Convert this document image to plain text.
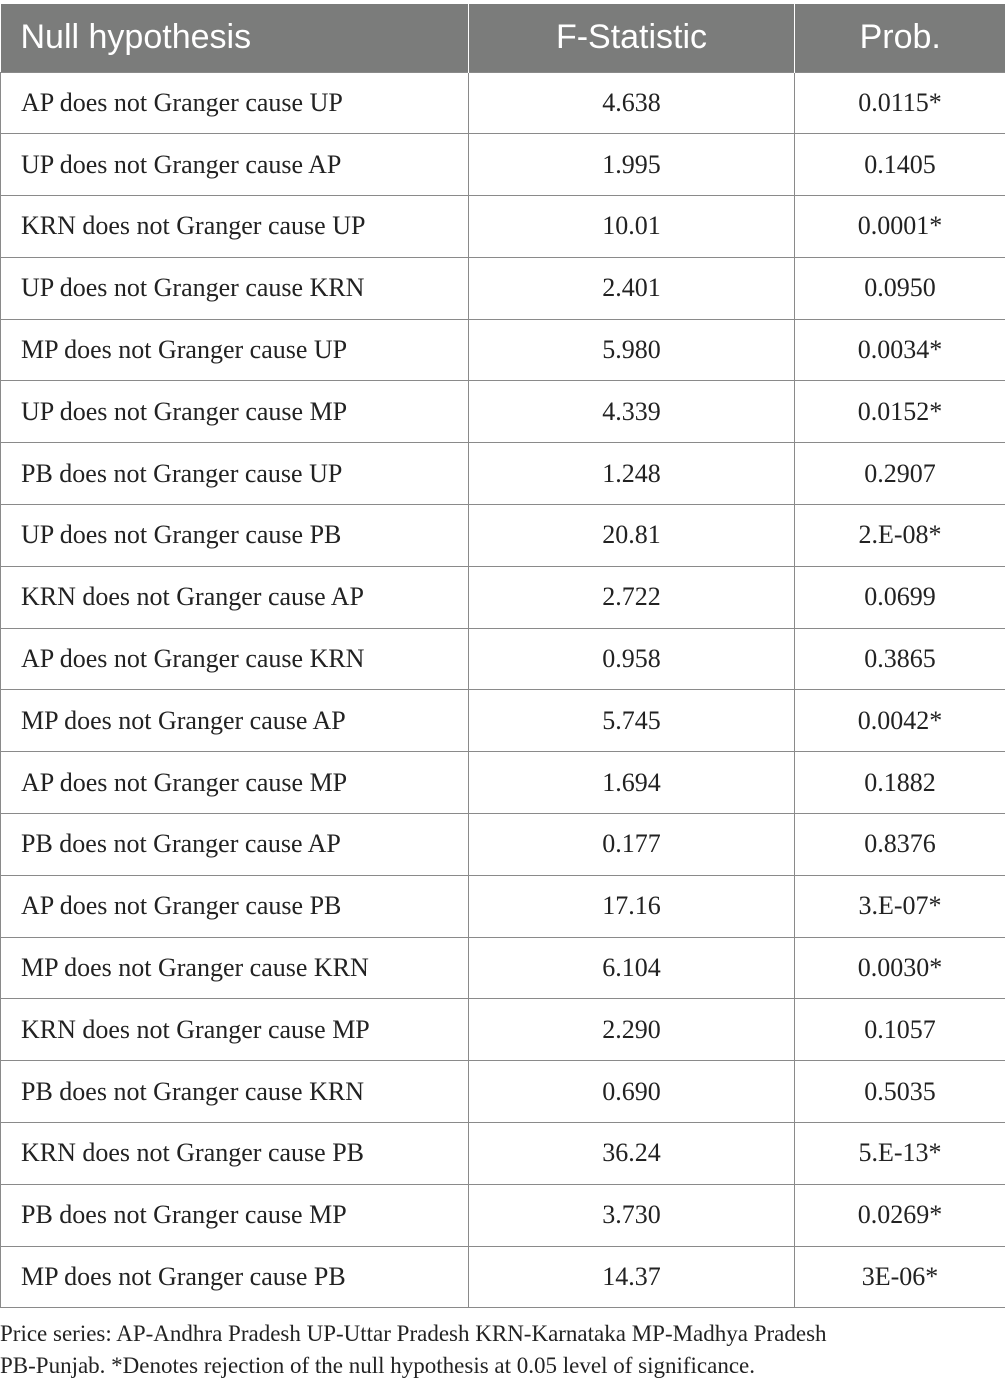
Null hypothesis	F-Statistic	Prob.
AP does not Granger cause UP	4.638	0.0115*
UP does not Granger cause AP	1.995	0.1405
KRN does not Granger cause UP	10.01	0.0001*
UP does not Granger cause KRN	2.401	0.0950
MP does not Granger cause UP	5.980	0.0034*
UP does not Granger cause MP	4.339	0.0152*
PB does not Granger cause UP	1.248	0.2907
UP does not Granger cause PB	20.81	2.E-08*
KRN does not Granger cause AP	2.722	0.0699
AP does not Granger cause KRN	0.958	0.3865
MP does not Granger cause AP	5.745	0.0042*
AP does not Granger cause MP	1.694	0.1882
PB does not Granger cause AP	0.177	0.8376
AP does not Granger cause PB	17.16	3.E-07*
MP does not Granger cause KRN	6.104	0.0030*
KRN does not Granger cause MP	2.290	0.1057
PB does not Granger cause KRN	0.690	0.5035
KRN does not Granger cause PB	36.24	5.E-13*
PB does not Granger cause MP	3.730	0.0269*
MP does not Granger cause PB	14.37	3E-06*
Price series: AP-Andhra Pradesh UP-Uttar Pradesh KRN-Karnataka MP-Madhya Pradesh
PB-Punjab. *Denotes rejection of the null hypothesis at 0.05 level of significance.
